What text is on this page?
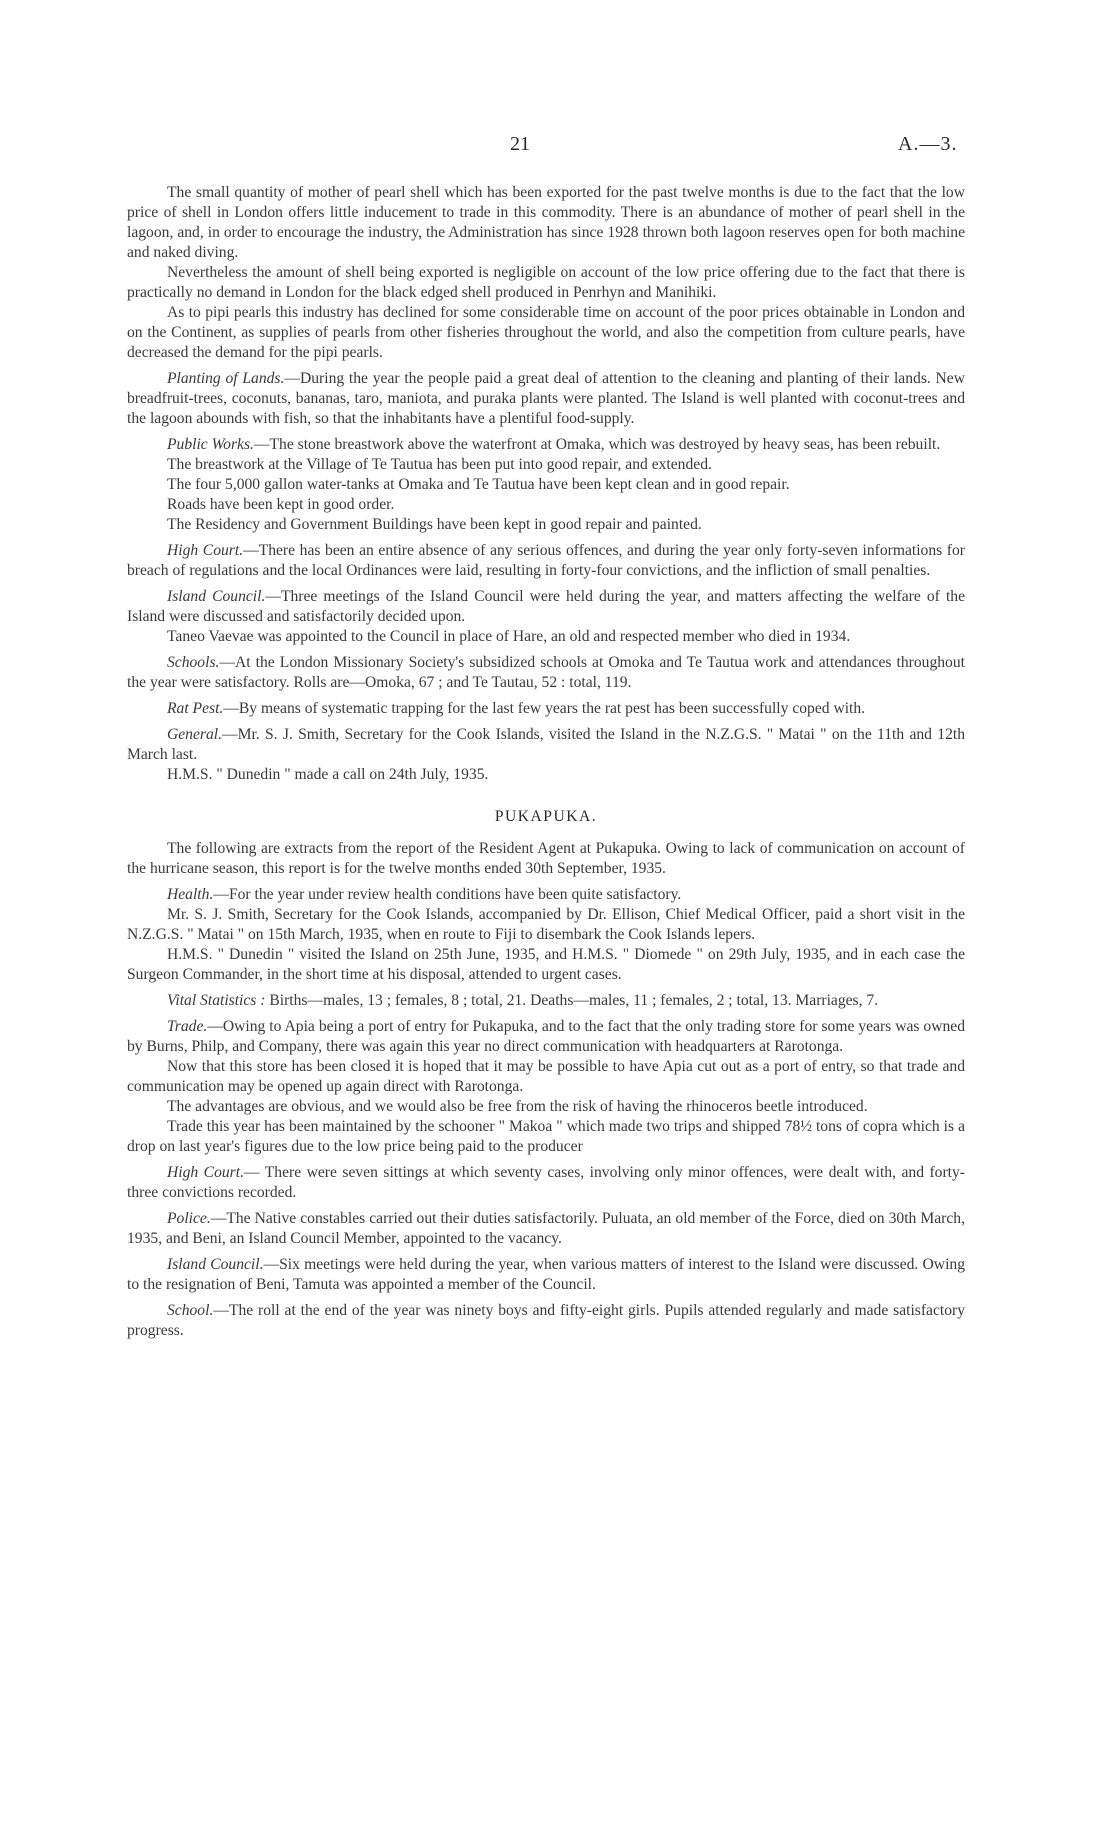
21	A.—3.

The small quantity of mother of pearl shell which has been exported for the past twelve months is due to the fact that the low price of shell in London offers little inducement to trade in this commodity. There is an abundance of mother of pearl shell in the lagoon, and, in order to encourage the industry, the Administration has since 1928 thrown both lagoon reserves open for both machine and naked diving.

Nevertheless the amount of shell being exported is negligible on account of the low price offering due to the fact that there is practically no demand in London for the black edged shell produced in Penrhyn and Manihiki.

As to pipi pearls this industry has declined for some considerable time on account of the poor prices obtainable in London and on the Continent, as supplies of pearls from other fisheries throughout the world, and also the competition from culture pearls, have decreased the demand for the pipi pearls.

Planting of Lands.—During the year the people paid a great deal of attention to the cleaning and planting of their lands. New breadfruit-trees, coconuts, bananas, taro, maniota, and puraka plants were planted. The Island is well planted with coconut-trees and the lagoon abounds with fish, so that the inhabitants have a plentiful food-supply.

Public Works.—The stone breastwork above the waterfront at Omaka, which was destroyed by heavy seas, has been rebuilt.

The breastwork at the Village of Te Tautua has been put into good repair, and extended.

The four 5,000 gallon water-tanks at Omaka and Te Tautua have been kept clean and in good repair.

Roads have been kept in good order.

The Residency and Government Buildings have been kept in good repair and painted.

High Court.—There has been an entire absence of any serious offences, and during the year only forty-seven informations for breach of regulations and the local Ordinances were laid, resulting in forty-four convictions, and the infliction of small penalties.

Island Council.—Three meetings of the Island Council were held during the year, and matters affecting the welfare of the Island were discussed and satisfactorily decided upon.

Taneo Vaevae was appointed to the Council in place of Hare, an old and respected member who died in 1934.

Schools.—At the London Missionary Society's subsidized schools at Omoka and Te Tautua work and attendances throughout the year were satisfactory. Rolls are—Omoka, 67 ; and Te Tautau, 52 : total, 119.

Rat Pest.—By means of systematic trapping for the last few years the rat pest has been successfully coped with.

General.—Mr. S. J. Smith, Secretary for the Cook Islands, visited the Island in the N.Z.G.S. " Matai " on the 11th and 12th March last.

H.M.S. " Dunedin " made a call on 24th July, 1935.

PUKAPUKA.

The following are extracts from the report of the Resident Agent at Pukapuka. Owing to lack of communication on account of the hurricane season, this report is for the twelve months ended 30th September, 1935.

Health.—For the year under review health conditions have been quite satisfactory.

Mr. S. J. Smith, Secretary for the Cook Islands, accompanied by Dr. Ellison, Chief Medical Officer, paid a short visit in the N.Z.G.S. " Matai " on 15th March, 1935, when en route to Fiji to disembark the Cook Islands lepers.

H.M.S. " Dunedin " visited the Island on 25th June, 1935, and H.M.S. " Diomede " on 29th July, 1935, and in each case the Surgeon Commander, in the short time at his disposal, attended to urgent cases.

Vital Statistics : Births—males, 13 ; females, 8 ; total, 21. Deaths—males, 11 ; females, 2 ; total, 13. Marriages, 7.

Trade.—Owing to Apia being a port of entry for Pukapuka, and to the fact that the only trading store for some years was owned by Burns, Philp, and Company, there was again this year no direct communication with headquarters at Rarotonga.

Now that this store has been closed it is hoped that it may be possible to have Apia cut out as a port of entry, so that trade and communication may be opened up again direct with Rarotonga.

The advantages are obvious, and we would also be free from the risk of having the rhinoceros beetle introduced.

Trade this year has been maintained by the schooner " Makoa " which made two trips and shipped 78½ tons of copra which is a drop on last year's figures due to the low price being paid to the producer

High Court.— There were seven sittings at which seventy cases, involving only minor offences, were dealt with, and forty-three convictions recorded.

Police.—The Native constables carried out their duties satisfactorily. Puluata, an old member of the Force, died on 30th March, 1935, and Beni, an Island Council Member, appointed to the vacancy.

Island Council.—Six meetings were held during the year, when various matters of interest to the Island were discussed. Owing to the resignation of Beni, Tamuta was appointed a member of the Council.

School.—The roll at the end of the year was ninety boys and fifty-eight girls. Pupils attended regularly and made satisfactory progress.
